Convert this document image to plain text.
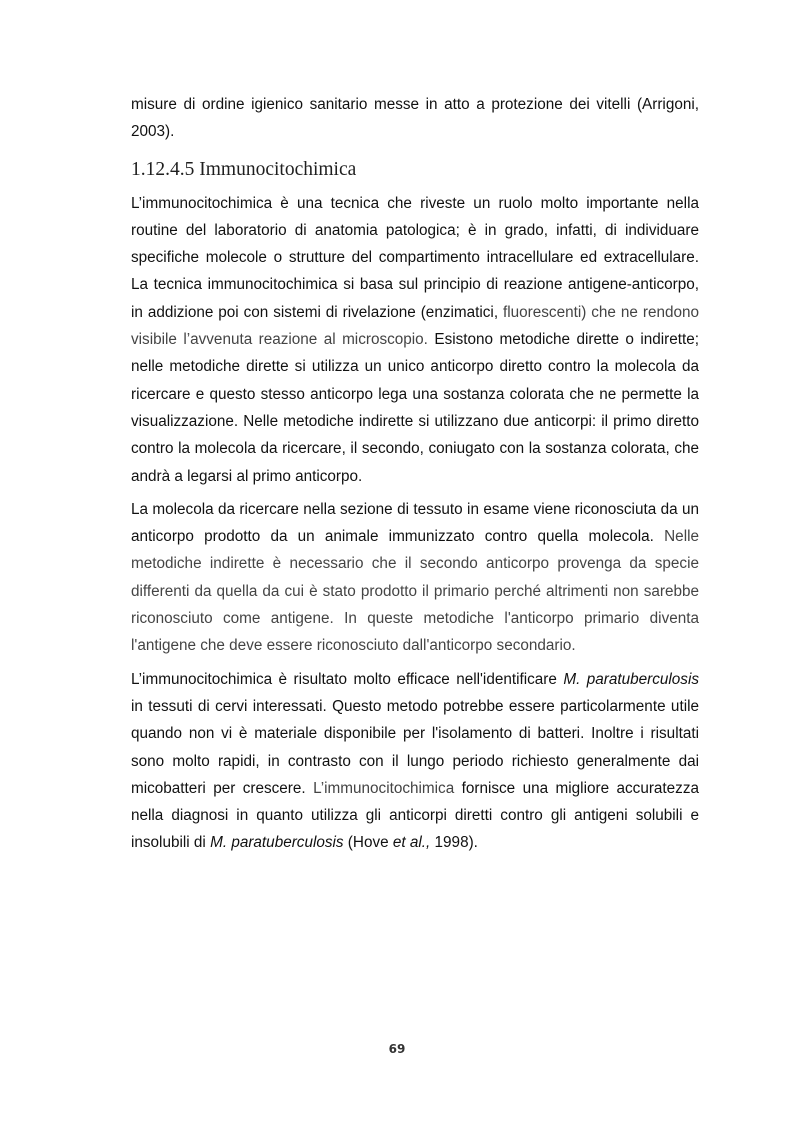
misure di ordine igienico sanitario messe in atto a protezione dei vitelli (Arrigoni, 2003).

1.12.4.5 Immunocitochimica

L’immunocitochimica è una tecnica che riveste un ruolo molto importante nella routine del laboratorio di anatomia patologica; è in grado, infatti, di individuare specifiche molecole o strutture del compartimento intracellulare ed extracellulare. La tecnica immunocitochimica si basa sul principio di reazione antigene-anticorpo, in addizione poi con sistemi di rivelazione (enzimatici, fluorescenti) che ne rendono visibile l’avvenuta reazione al microscopio. Esistono metodiche dirette o indirette; nelle metodiche dirette si utilizza un unico anticorpo diretto contro la molecola da ricercare e questo stesso anticorpo lega una sostanza colorata che ne permette la visualizzazione. Nelle metodiche indirette si utilizzano due anticorpi: il primo diretto contro la molecola da ricercare, il secondo, coniugato con la sostanza colorata, che andrà a legarsi al primo anticorpo.

La molecola da ricercare nella sezione di tessuto in esame viene riconosciuta da un anticorpo prodotto da un animale immunizzato contro quella molecola. Nelle metodiche indirette è necessario che il secondo anticorpo provenga da specie differenti da quella da cui è stato prodotto il primario perché altrimenti non sarebbe riconosciuto come antigene. In queste metodiche l'anticorpo primario diventa l'antigene che deve essere riconosciuto dall'anticorpo secondario.

L’immunocitochimica è risultato molto efficace nell'identificare M. paratuberculosis in tessuti di cervi interessati. Questo metodo potrebbe essere particolarmente utile quando non vi è materiale disponibile per l'isolamento di batteri. Inoltre i risultati sono molto rapidi, in contrasto con il lungo periodo richiesto generalmente dai micobatteri per crescere. L’immunocitochimica fornisce una migliore accuratezza nella diagnosi in quanto utilizza gli anticorpi diretti contro gli antigeni solubili e insolubili di M. paratuberculosis (Hove et al., 1998).

69
